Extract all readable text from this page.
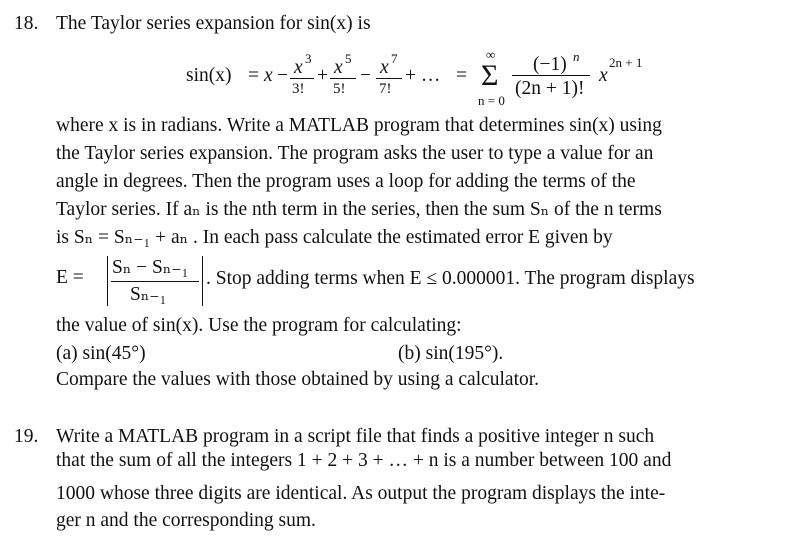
18. The Taylor series expansion for sin(x) is
sin(x) = x − x 3
3!
+ x 5
5!
− x 7
7!
+ … =
∞
Σ
n = 0
(−1) n
(2n + 1)!
x
2n + 1
where x is in radians. Write a MATLAB program that determines sin(x) using
the Taylor series expansion. The program asks the user to type a value for an
angle in degrees. Then the program uses a loop for adding the terms of the
Taylor series. If aₙ is the nth term in the series, then the sum Sₙ of the n terms
is Sₙ = Sₙ₋₁ + aₙ . In each pass calculate the estimated error E given by
E = Sₙ − Sₙ₋₁
Sₙ₋₁
. Stop adding terms when E ≤ 0.000001. The program displays
the value of sin(x). Use the program for calculating:
(a) sin(45°)	(b) sin(195°).
Compare the values with those obtained by using a calculator.
19. Write a MATLAB program in a script file that finds a positive integer n such
that the sum of all the integers 1 + 2 + 3 + … + n is a number between 100 and
1000 whose three digits are identical. As output the program displays the inte-
ger n and the corresponding sum.
